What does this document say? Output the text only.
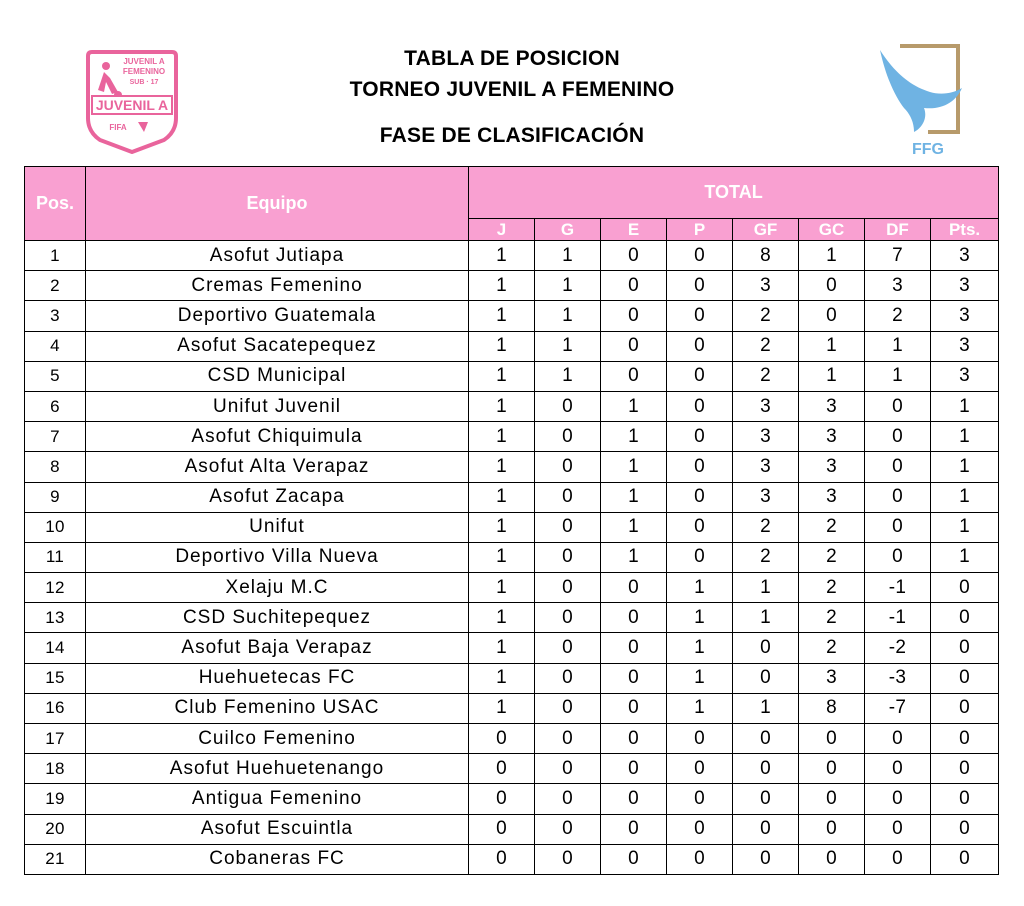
TABLA DE POSICION
TORNEO JUVENIL A FEMENINO
FASE DE CLASIFICACIÓN
JUVENIL A
FEMENINO
SUB · 17
JUVENIL A
FIFA
FFG
Pos.	Equipo	TOTAL							
		J	G	E	P	GF	GC	DF	Pts.
1	Asofut Jutiapa	1	1	0	0	8	1	7	3
2	Cremas Femenino	1	1	0	0	3	0	3	3
3	Deportivo Guatemala	1	1	0	0	2	0	2	3
4	Asofut Sacatepequez	1	1	0	0	2	1	1	3
5	CSD Municipal	1	1	0	0	2	1	1	3
6	Unifut Juvenil	1	0	1	0	3	3	0	1
7	Asofut Chiquimula	1	0	1	0	3	3	0	1
8	Asofut Alta Verapaz	1	0	1	0	3	3	0	1
9	Asofut Zacapa	1	0	1	0	3	3	0	1
10	Unifut	1	0	1	0	2	2	0	1
11	Deportivo Villa Nueva	1	0	1	0	2	2	0	1
12	Xelaju M.C	1	0	0	1	1	2	-1	0
13	CSD Suchitepequez	1	0	0	1	1	2	-1	0
14	Asofut Baja Verapaz	1	0	0	1	0	2	-2	0
15	Huehuetecas FC	1	0	0	1	0	3	-3	0
16	Club Femenino USAC	1	0	0	1	1	8	-7	0
17	Cuilco Femenino	0	0	0	0	0	0	0	0
18	Asofut Huehuetenango	0	0	0	0	0	0	0	0
19	Antigua Femenino	0	0	0	0	0	0	0	0
20	Asofut Escuintla	0	0	0	0	0	0	0	0
21	Cobaneras FC	0	0	0	0	0	0	0	0
